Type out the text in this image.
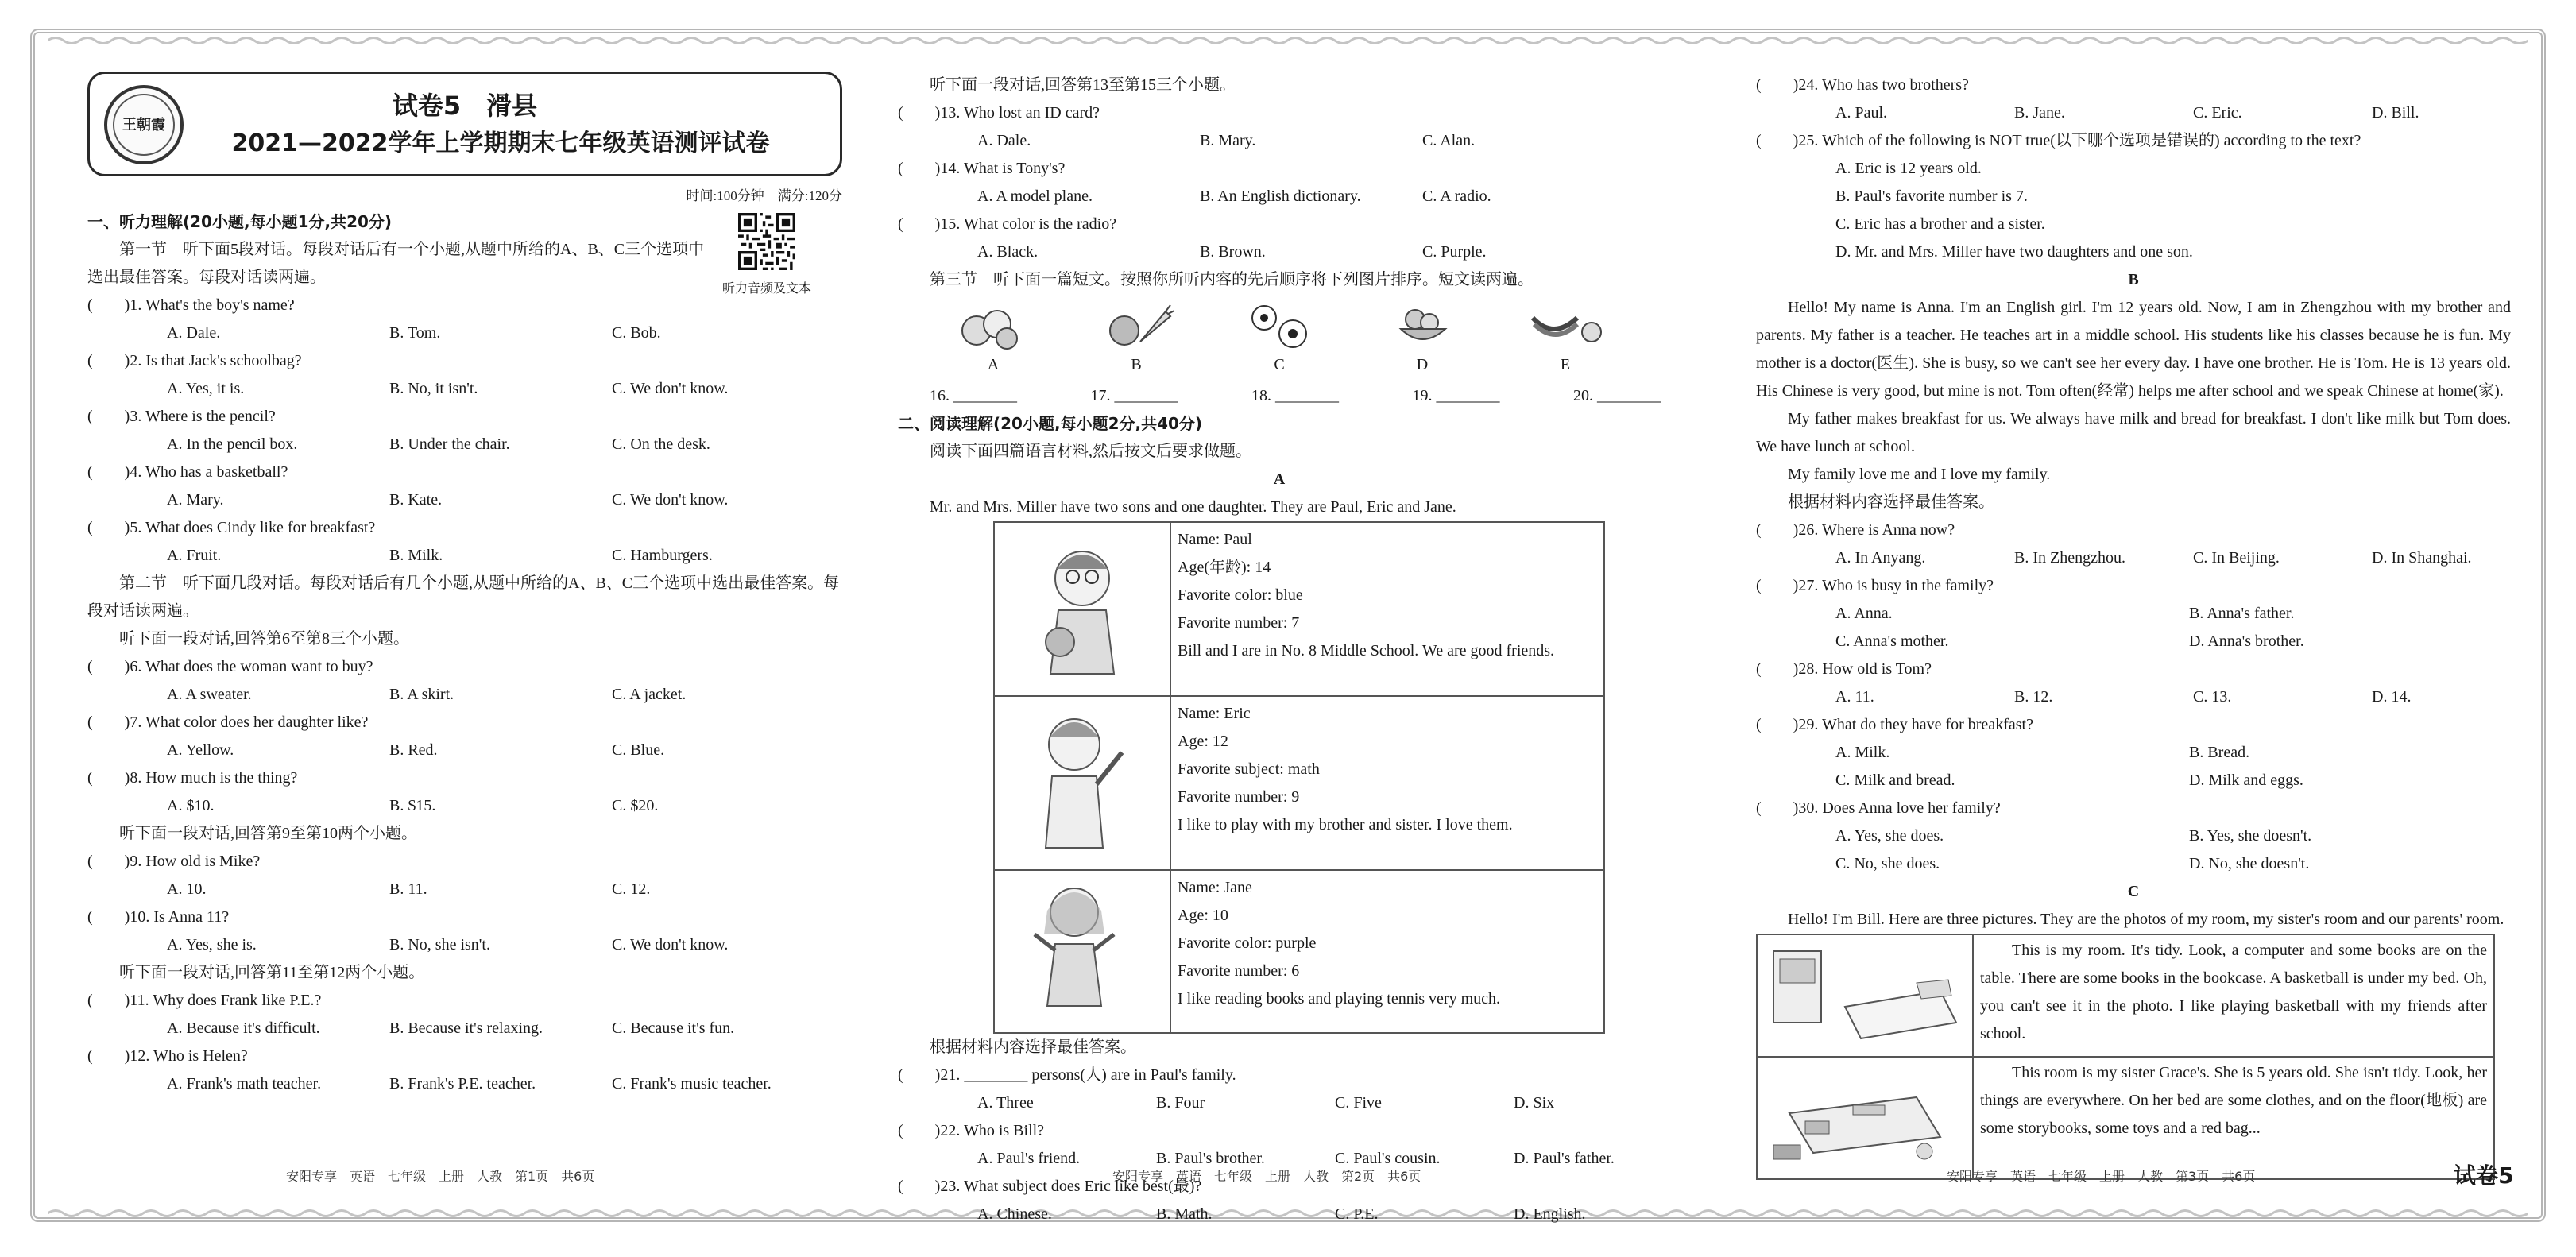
王朝霞
试卷5　滑县
2021—2022学年上学期期末七年级英语测评试卷
时间:100分钟　满分:120分
听力音频及文本
一、听力理解(20小题,每小题1分,共20分)
第一节　听下面5段对话。每段对话后有一个小题,从题中所给的A、B、C三个选项中选出最佳答案。每段对话读两遍。
(　　)1. What's the boy's name?
A. Dale.	B. Tom.	C. Bob.
(　　)2. Is that Jack's schoolbag?
A. Yes, it is.	B. No, it isn't.	C. We don't know.
(　　)3. Where is the pencil?
A. In the pencil box.	B. Under the chair.	C. On the desk.
(　　)4. Who has a basketball?
A. Mary.	B. Kate.	C. We don't know.
(　　)5. What does Cindy like for breakfast?
A. Fruit.	B. Milk.	C. Hamburgers.
第二节　听下面几段对话。每段对话后有几个小题,从题中所给的A、B、C三个选项中选出最佳答案。每段对话读两遍。
听下面一段对话,回答第6至第8三个小题。
(　　)6. What does the woman want to buy?
A. A sweater.	B. A skirt.	C. A jacket.
(　　)7. What color does her daughter like?
A. Yellow.	B. Red.	C. Blue.
(　　)8. How much is the thing?
A. $10.	B. $15.	C. $20.
听下面一段对话,回答第9至第10两个小题。
(　　)9. How old is Mike?
A. 10.	B. 11.	C. 12.
(　　)10. Is Anna 11?
A. Yes, she is.	B. No, she isn't.	C. We don't know.
听下面一段对话,回答第11至第12两个小题。
(　　)11. Why does Frank like P.E.?
A. Because it's difficult.	B. Because it's relaxing.	C. Because it's fun.
(　　)12. Who is Helen?
A. Frank's math teacher.	B. Frank's P.E. teacher.	C. Frank's music teacher.
听下面一段对话,回答第13至第15三个小题。
(　　)13. Who lost an ID card?
A. Dale.	B. Mary.	C. Alan.
(　　)14. What is Tony's?
A. A model plane.	B. An English dictionary.	C. A radio.
(　　)15. What color is the radio?
A. Black.	B. Brown.	C. Purple.
第三节　听下面一篇短文。按照你所听内容的先后顺序将下列图片排序。短文读两遍。
A	B	C	D	E
16. ________	17. ________	18. ________	19. ________	20. ________
二、阅读理解(20小题,每小题2分,共40分)
阅读下面四篇语言材料,然后按文后要求做题。
A
Mr. and Mrs. Miller have two sons and one daughter. They are Paul, Eric and Jane.

Name: Paul
Age(年龄): 14
Favorite color: blue
Favorite number: 7
Bill and I are in No. 8 Middle School. We are good friends.

Name: Eric
Age: 12
Favorite subject: math
Favorite number: 9
I like to play with my brother and sister. I love them.

Name: Jane
Age: 10
Favorite color: purple
Favorite number: 6
I like reading books and playing tennis very much.
根据材料内容选择最佳答案。
(　　)21. ________ persons(人) are in Paul's family.
A. Three	B. Four	C. Five	D. Six
(　　)22. Who is Bill?
A. Paul's friend.	B. Paul's brother.	C. Paul's cousin.	D. Paul's father.
(　　)23. What subject does Eric like best(最)?
A. Chinese.	B. Math.	C. P.E.	D. English.
(　　)24. Who has two brothers?
A. Paul.	B. Jane.	C. Eric.	D. Bill.
(　　)25. Which of the following is NOT true(以下哪个选项是错误的) according to the text?
A. Eric is 12 years old.
B. Paul's favorite number is 7.
C. Eric has a brother and a sister.
D. Mr. and Mrs. Miller have two daughters and one son.
B
Hello! My name is Anna. I'm an English girl. I'm 12 years old. Now, I am in Zhengzhou with my brother and parents. My father is a teacher. He teaches art in a middle school. His students like his classes because he is fun. My mother is a doctor(医生). She is busy, so we can't see her every day. I have one brother. He is Tom. He is 13 years old. His Chinese is very good, but mine is not. Tom often(经常) helps me after school and we speak Chinese at home(家).
My father makes breakfast for us. We always have milk and bread for breakfast. I don't like milk but Tom does. We have lunch at school.
My family love me and I love my family.
根据材料内容选择最佳答案。
(　　)26. Where is Anna now?
A. In Anyang.	B. In Zhengzhou.	C. In Beijing.	D. In Shanghai.
(　　)27. Who is busy in the family?
A. Anna.	B. Anna's father.
C. Anna's mother.	D. Anna's brother.
(　　)28. How old is Tom?
A. 11.	B. 12.	C. 13.	D. 14.
(　　)29. What do they have for breakfast?
A. Milk.	B. Bread.
C. Milk and bread.	D. Milk and eggs.
(　　)30. Does Anna love her family?
A. Yes, she does.	B. Yes, she doesn't.
C. No, she does.	D. No, she doesn't.
C
Hello! I'm Bill. Here are three pictures. They are the photos of my room, my sister's room and our parents' room.
	This is my room. It's tidy. Look, a computer and some books are on the table. There are some books in the bookcase. A basketball is under my bed. Oh, you can't see it in the photo. I like playing basketball with my friends after school.
	This room is my sister Grace's. She is 5 years old. She isn't tidy. Look, her things are everywhere. On her bed are some clothes, and on the floor(地板) are some storybooks, some toys and a red bag...
安阳专享　英语　七年级　上册　人教　第1页　共6页	安阳专享　英语　七年级　上册　人教　第2页　共6页	安阳专享　英语　七年级　上册　人教　第3页　共6页	试卷5
